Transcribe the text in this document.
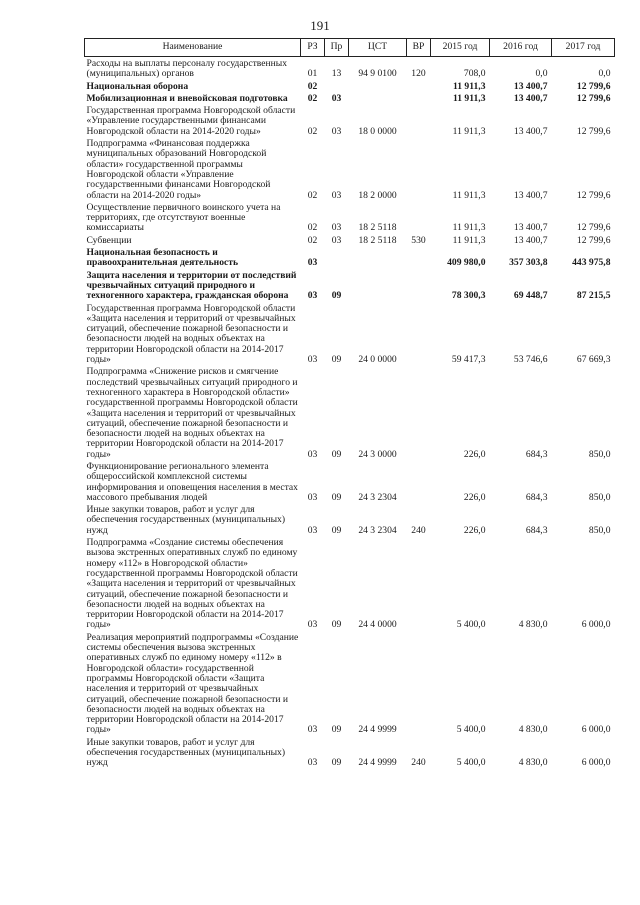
191
Наименование	РЗ	Пр	ЦСТ	ВР	2015 год	2016 год	2017 год
Расходы на выплаты персоналу государственных (муниципальных) органов	01	13	94 9 0100	120	708,0	0,0	0,0
Национальная оборона	02				11 911,3	13 400,7	12 799,6
Мобилизационная и вневойсковая подготовка	02	03			11 911,3	13 400,7	12 799,6
Государственная программа Новгородской области «Управление государственными финансами Новгородской области на 2014-2020 годы»	02	03	18 0 0000		11 911,3	13 400,7	12 799,6
Подпрограмма «Финансовая поддержка муниципальных образований Новгородской области» государственной программы Новгородской области «Управление государственными финансами Новгородской области на 2014-2020 годы»	02	03	18 2 0000		11 911,3	13 400,7	12 799,6
Осуществление первичного воинского учета на территориях, где отсутствуют военные комиссариаты	02	03	18 2 5118		11 911,3	13 400,7	12 799,6
Субвенции	02	03	18 2 5118	530	11 911,3	13 400,7	12 799,6
Национальная безопасность и правоохранительная деятельность	03				409 980,0	357 303,8	443 975,8
Защита населения и территории от последствий чрезвычайных ситуаций природного и техногенного характера, гражданская оборона	03	09			78 300,3	69 448,7	87 215,5
Государственная программа Новгородской области «Защита населения и территорий от чрезвычайных ситуаций, обеспечение пожарной безопасности и безопасности людей на водных объектах на территории Новгородской области на 2014-2017 годы»	03	09	24 0 0000		59 417,3	53 746,6	67 669,3
Подпрограмма «Снижение рисков и смягчение последствий чрезвычайных ситуаций природного и техногенного характера в Новгородской области» государственной программы Новгородской области «Защита населения и территорий от чрезвычайных ситуаций, обеспечение пожарной безопасности и безопасности людей на водных объектах на территории Новгородской области на 2014-2017 годы»	03	09	24 3 0000		226,0	684,3	850,0
Функционирование регионального элемента общероссийской комплексной системы информирования и оповещения населения в местах массового пребывания людей	03	09	24 3 2304		226,0	684,3	850,0
Иные закупки товаров, работ и услуг для обеспечения государственных (муниципальных) нужд	03	09	24 3 2304	240	226,0	684,3	850,0
Подпрограмма «Создание системы обеспечения вызова экстренных оперативных служб по единому номеру «112» в Новгородской области» государственной программы Новгородской области «Защита населения и территорий от чрезвычайных ситуаций, обеспечение пожарной безопасности и безопасности людей на водных объектах на территории Новгородской области на 2014-2017 годы»	03	09	24 4 0000		5 400,0	4 830,0	6 000,0
Реализация мероприятий подпрограммы «Создание системы обеспечения вызова экстренных оперативных служб по единому номеру «112» в Новгородской области» государственной программы Новгородской области «Защита населения и территорий от чрезвычайных ситуаций, обеспечение пожарной безопасности и безопасности людей на водных объектах на территории Новгородской области на 2014-2017 годы»	03	09	24 4 9999		5 400,0	4 830,0	6 000,0
Иные закупки товаров, работ и услуг для обеспечения государственных (муниципальных) нужд	03	09	24 4 9999	240	5 400,0	4 830,0	6 000,0
